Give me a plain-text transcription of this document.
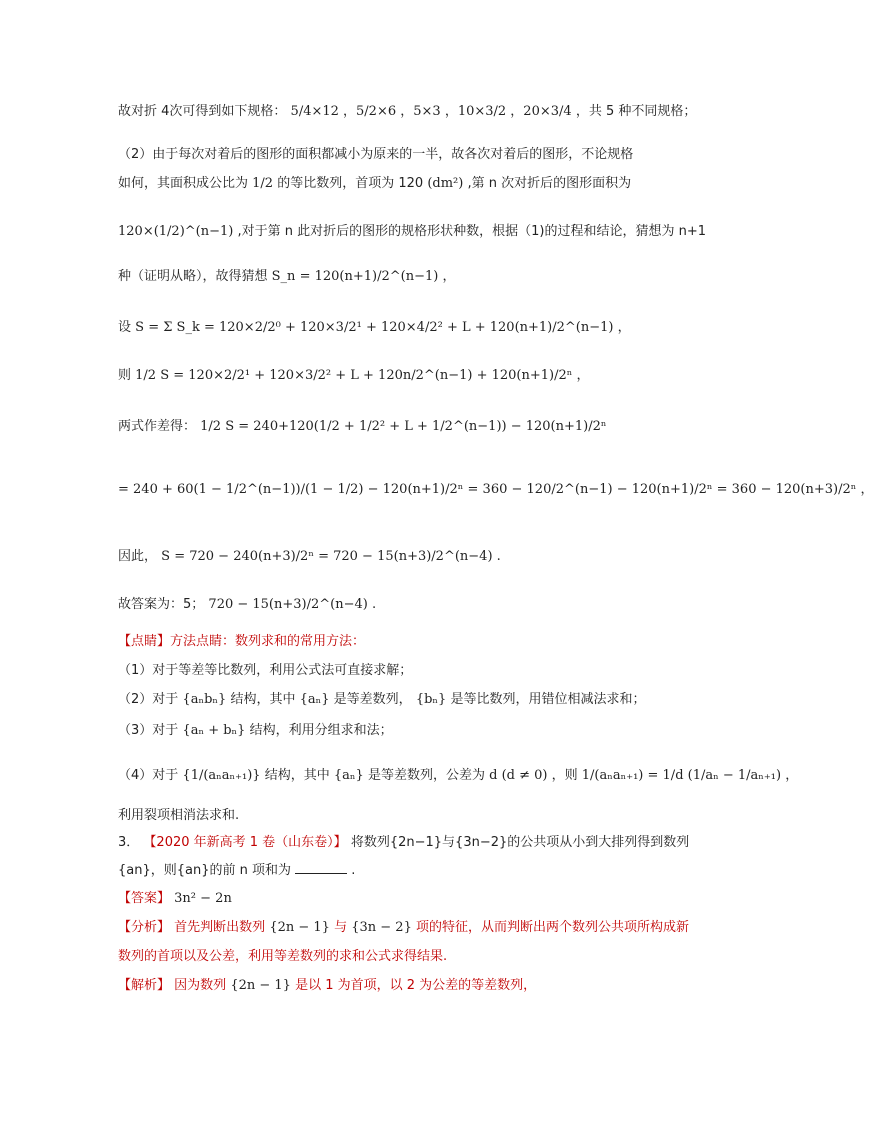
故对折 4次可得到如下规格： 5/4×12 ，5/2×6 ，5×3 ，10×3/2 ，20×3/4 ，共 5 种不同规格；
（2）由于每次对着后的图形的面积都减小为原来的一半，故各次对着后的图形，不论规格
如何，其面积成公比为 1/2 的等比数列，首项为 120 (dm²) ,第 n 次对折后的图形面积为
120×(1/2)^(n−1) ,对于第 n 此对折后的图形的规格形状种数，根据（1)的过程和结论，猜想为 n+1
种（证明从略），故得猜想 S_n = 120(n+1)/2^(n−1) ，
设 S = Σ S_k = 120×2/2⁰ + 120×3/2¹ + 120×4/2² + L + 120(n+1)/2^(n−1) ，
则 1/2 S = 120×2/2¹ + 120×3/2² + L + 120n/2^(n−1) + 120(n+1)/2ⁿ ，
两式作差得： 1/2 S = 240+120(1/2 + 1/2² + L + 1/2^(n−1)) − 120(n+1)/2ⁿ
= 240 + 60(1 − 1/2^(n−1))/(1 − 1/2) − 120(n+1)/2ⁿ = 360 − 120/2^(n−1) − 120(n+1)/2ⁿ = 360 − 120(n+3)/2ⁿ ，
因此， S = 720 − 240(n+3)/2ⁿ = 720 − 15(n+3)/2^(n−4) .
故答案为：5； 720 − 15(n+3)/2^(n−4) .
【点睛】方法点睛：数列求和的常用方法：
（1）对于等差等比数列，利用公式法可直接求解；
（2）对于 {aₙbₙ} 结构，其中 {aₙ} 是等差数列， {bₙ} 是等比数列，用错位相减法求和；
（3）对于 {aₙ + bₙ} 结构，利用分组求和法；
（4）对于 {1/(aₙaₙ₊₁)} 结构，其中 {aₙ} 是等差数列，公差为 d (d ≠ 0) ，则 1/(aₙaₙ₊₁) = 1/d (1/aₙ − 1/aₙ₊₁) ，
利用裂项相消法求和.
3． 【2020 年新高考 1 卷（山东卷）】 将数列{2n−1}与{3n−2}的公共项从小到大排列得到数列
{an}，则{an}的前 n 项和为	.
【答案】 3n² − 2n
【分析】 首先判断出数列 {2n − 1} 与 {3n − 2} 项的特征，从而判断出两个数列公共项所构成新
数列的首项以及公差，利用等差数列的求和公式求得结果.
【解析】 因为数列 {2n − 1} 是以 1 为首项，以 2 为公差的等差数列，
